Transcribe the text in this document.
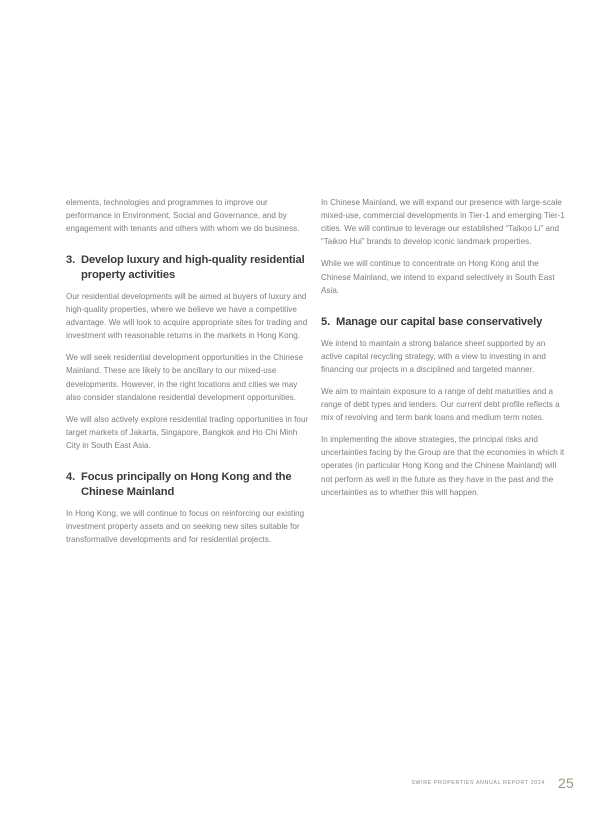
elements, technologies and programmes to improve our performance in Environment, Social and Governance, and by engagement with tenants and others with whom we do business.

3. Develop luxury and high-quality residential property activities

Our residential developments will be aimed at buyers of luxury and high-quality properties, where we believe we have a competitive advantage. We will look to acquire appropriate sites for trading and investment with reasonable returns in the markets in Hong Kong.

We will seek residential development opportunities in the Chinese Mainland. These are likely to be ancillary to our mixed-use developments. However, in the right locations and cities we may also consider standalone residential development opportunities.

We will also actively explore residential trading opportunities in four target markets of Jakarta, Singapore, Bangkok and Ho Chi Minh City in South East Asia.

4. Focus principally on Hong Kong and the Chinese Mainland

In Hong Kong, we will continue to focus on reinforcing our existing investment property assets and on seeking new sites suitable for transformative developments and for residential projects.

In Chinese Mainland, we will expand our presence with large-scale mixed-use, commercial developments in Tier-1 and emerging Tier-1 cities. We will continue to leverage our established “Taikoo Li” and “Taikoo Hui” brands to develop iconic landmark properties.

While we will continue to concentrate on Hong Kong and the Chinese Mainland, we intend to expand selectively in South East Asia.

5. Manage our capital base conservatively

We intend to maintain a strong balance sheet supported by an active capital recycling strategy, with a view to investing in and financing our projects in a disciplined and targeted manner.

We aim to maintain exposure to a range of debt maturities and a range of debt types and lenders. Our current debt profile reflects a mix of revolving and term bank loans and medium term notes.

In implementing the above strategies, the principal risks and uncertainties facing by the Group are that the economies in which it operates (in particular Hong Kong and the Chinese Mainland) will not perform as well in the future as they have in the past and the uncertainties as to whether this will happen.

SWIRE PROPERTIES ANNUAL REPORT 2024 25
